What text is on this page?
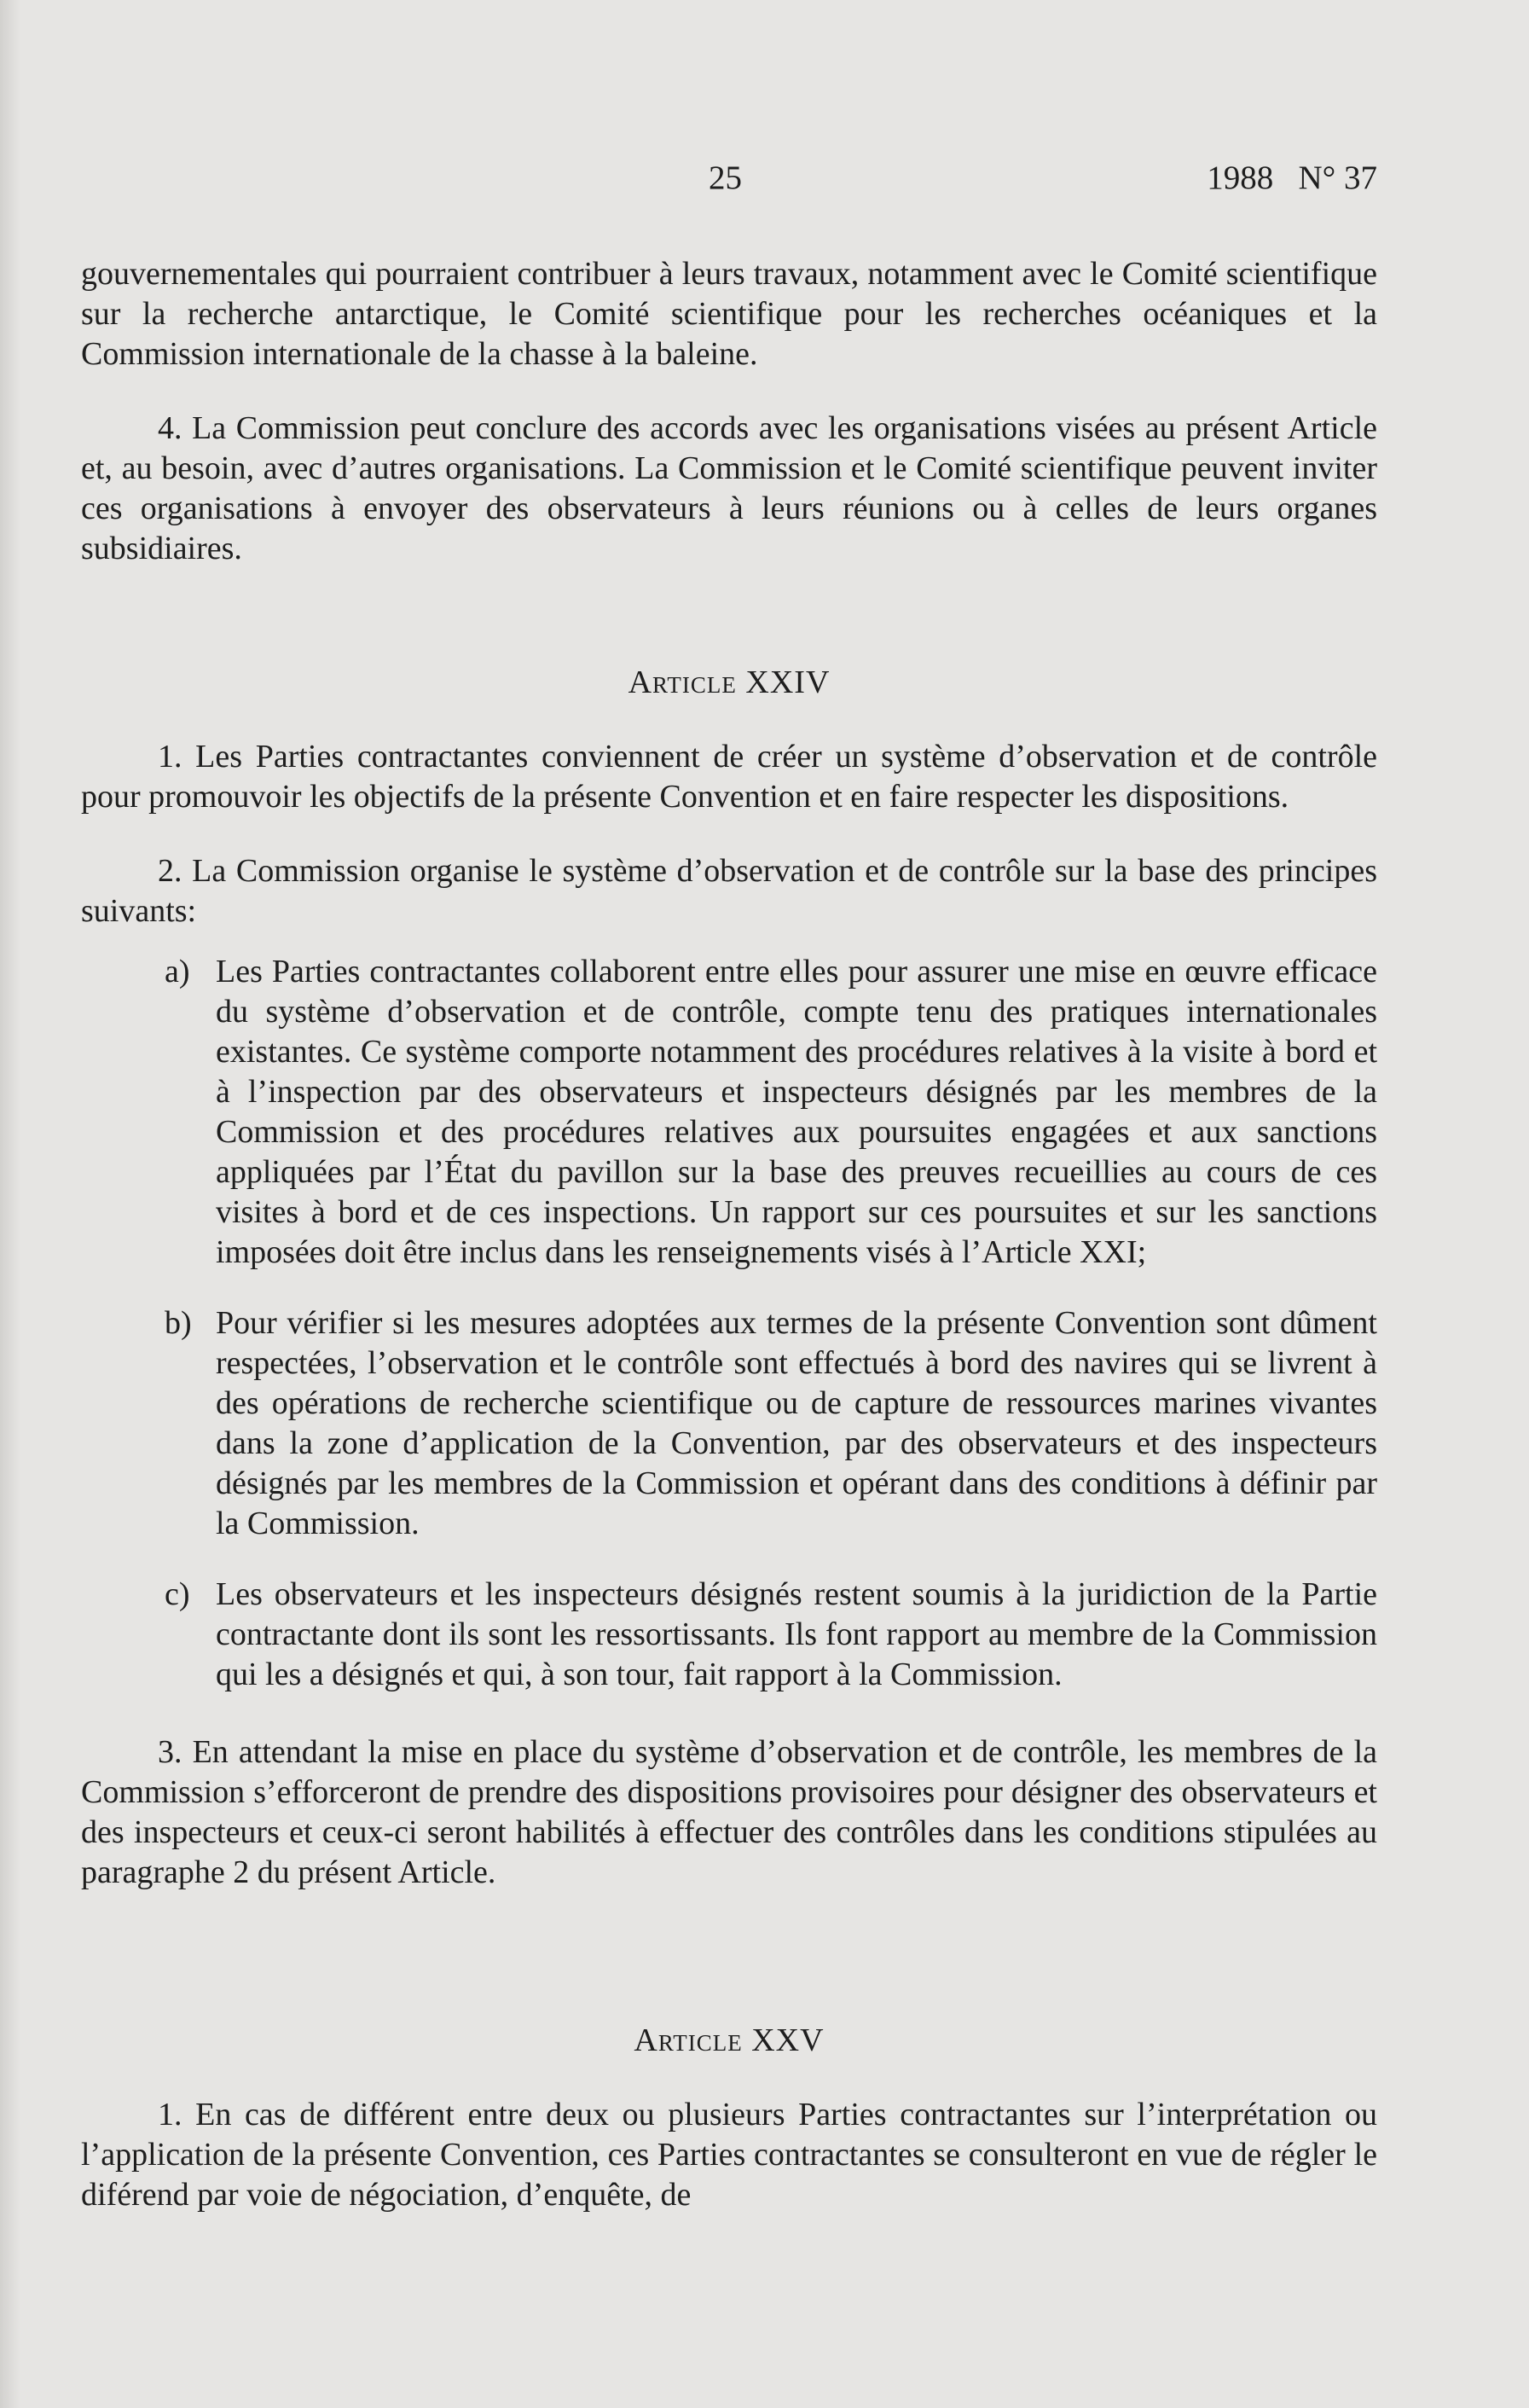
25	1988   N° 37

gouvernementales qui pourraient contribuer à leurs travaux, notamment avec le Comité scientifique sur la recherche antarctique, le Comité scientifique pour les recherches océaniques et la Commission internationale de la chasse à la baleine.

4. La Commission peut conclure des accords avec les organisations visées au présent Article et, au besoin, avec d’autres organisations. La Commission et le Comité scientifique peuvent inviter ces organisations à envoyer des observateurs à leurs réunions ou à celles de leurs organes subsidiaires.

Article XXIV

1. Les Parties contractantes conviennent de créer un système d’observation et de contrôle pour promouvoir les objectifs de la présente Convention et en faire respecter les dispositions.

2. La Commission organise le système d’observation et de contrôle sur la base des principes suivants:

a) Les Parties contractantes collaborent entre elles pour assurer une mise en œuvre efficace du système d’observation et de contrôle, compte tenu des pratiques internationales existantes. Ce système comporte notamment des procédures relatives à la visite à bord et à l’inspection par des observateurs et inspecteurs désignés par les membres de la Commission et des procédures relatives aux poursuites engagées et aux sanctions appliquées par l’État du pavillon sur la base des preuves recueillies au cours de ces visites à bord et de ces inspections. Un rapport sur ces poursuites et sur les sanctions imposées doit être inclus dans les renseignements visés à l’Article XXI;

b) Pour vérifier si les mesures adoptées aux termes de la présente Convention sont dûment respectées, l’observation et le contrôle sont effectués à bord des navires qui se livrent à des opérations de recherche scientifique ou de capture de ressources marines vivantes dans la zone d’application de la Convention, par des observateurs et des inspecteurs désignés par les membres de la Commission et opérant dans des conditions à définir par la Commission.

c) Les observateurs et les inspecteurs désignés restent soumis à la juridiction de la Partie contractante dont ils sont les ressortissants. Ils font rapport au membre de la Commission qui les a désignés et qui, à son tour, fait rapport à la Commission.

3. En attendant la mise en place du système d’observation et de contrôle, les membres de la Commission s’efforceront de prendre des dispositions provisoires pour désigner des observateurs et des inspecteurs et ceux-ci seront habilités à effectuer des contrôles dans les conditions stipulées au paragraphe 2 du présent Article.

Article XXV

1. En cas de différent entre deux ou plusieurs Parties contractantes sur l’interprétation ou l’application de la présente Convention, ces Parties contractantes se consulteront en vue de régler le diférend par voie de négociation, d’enquête, de
